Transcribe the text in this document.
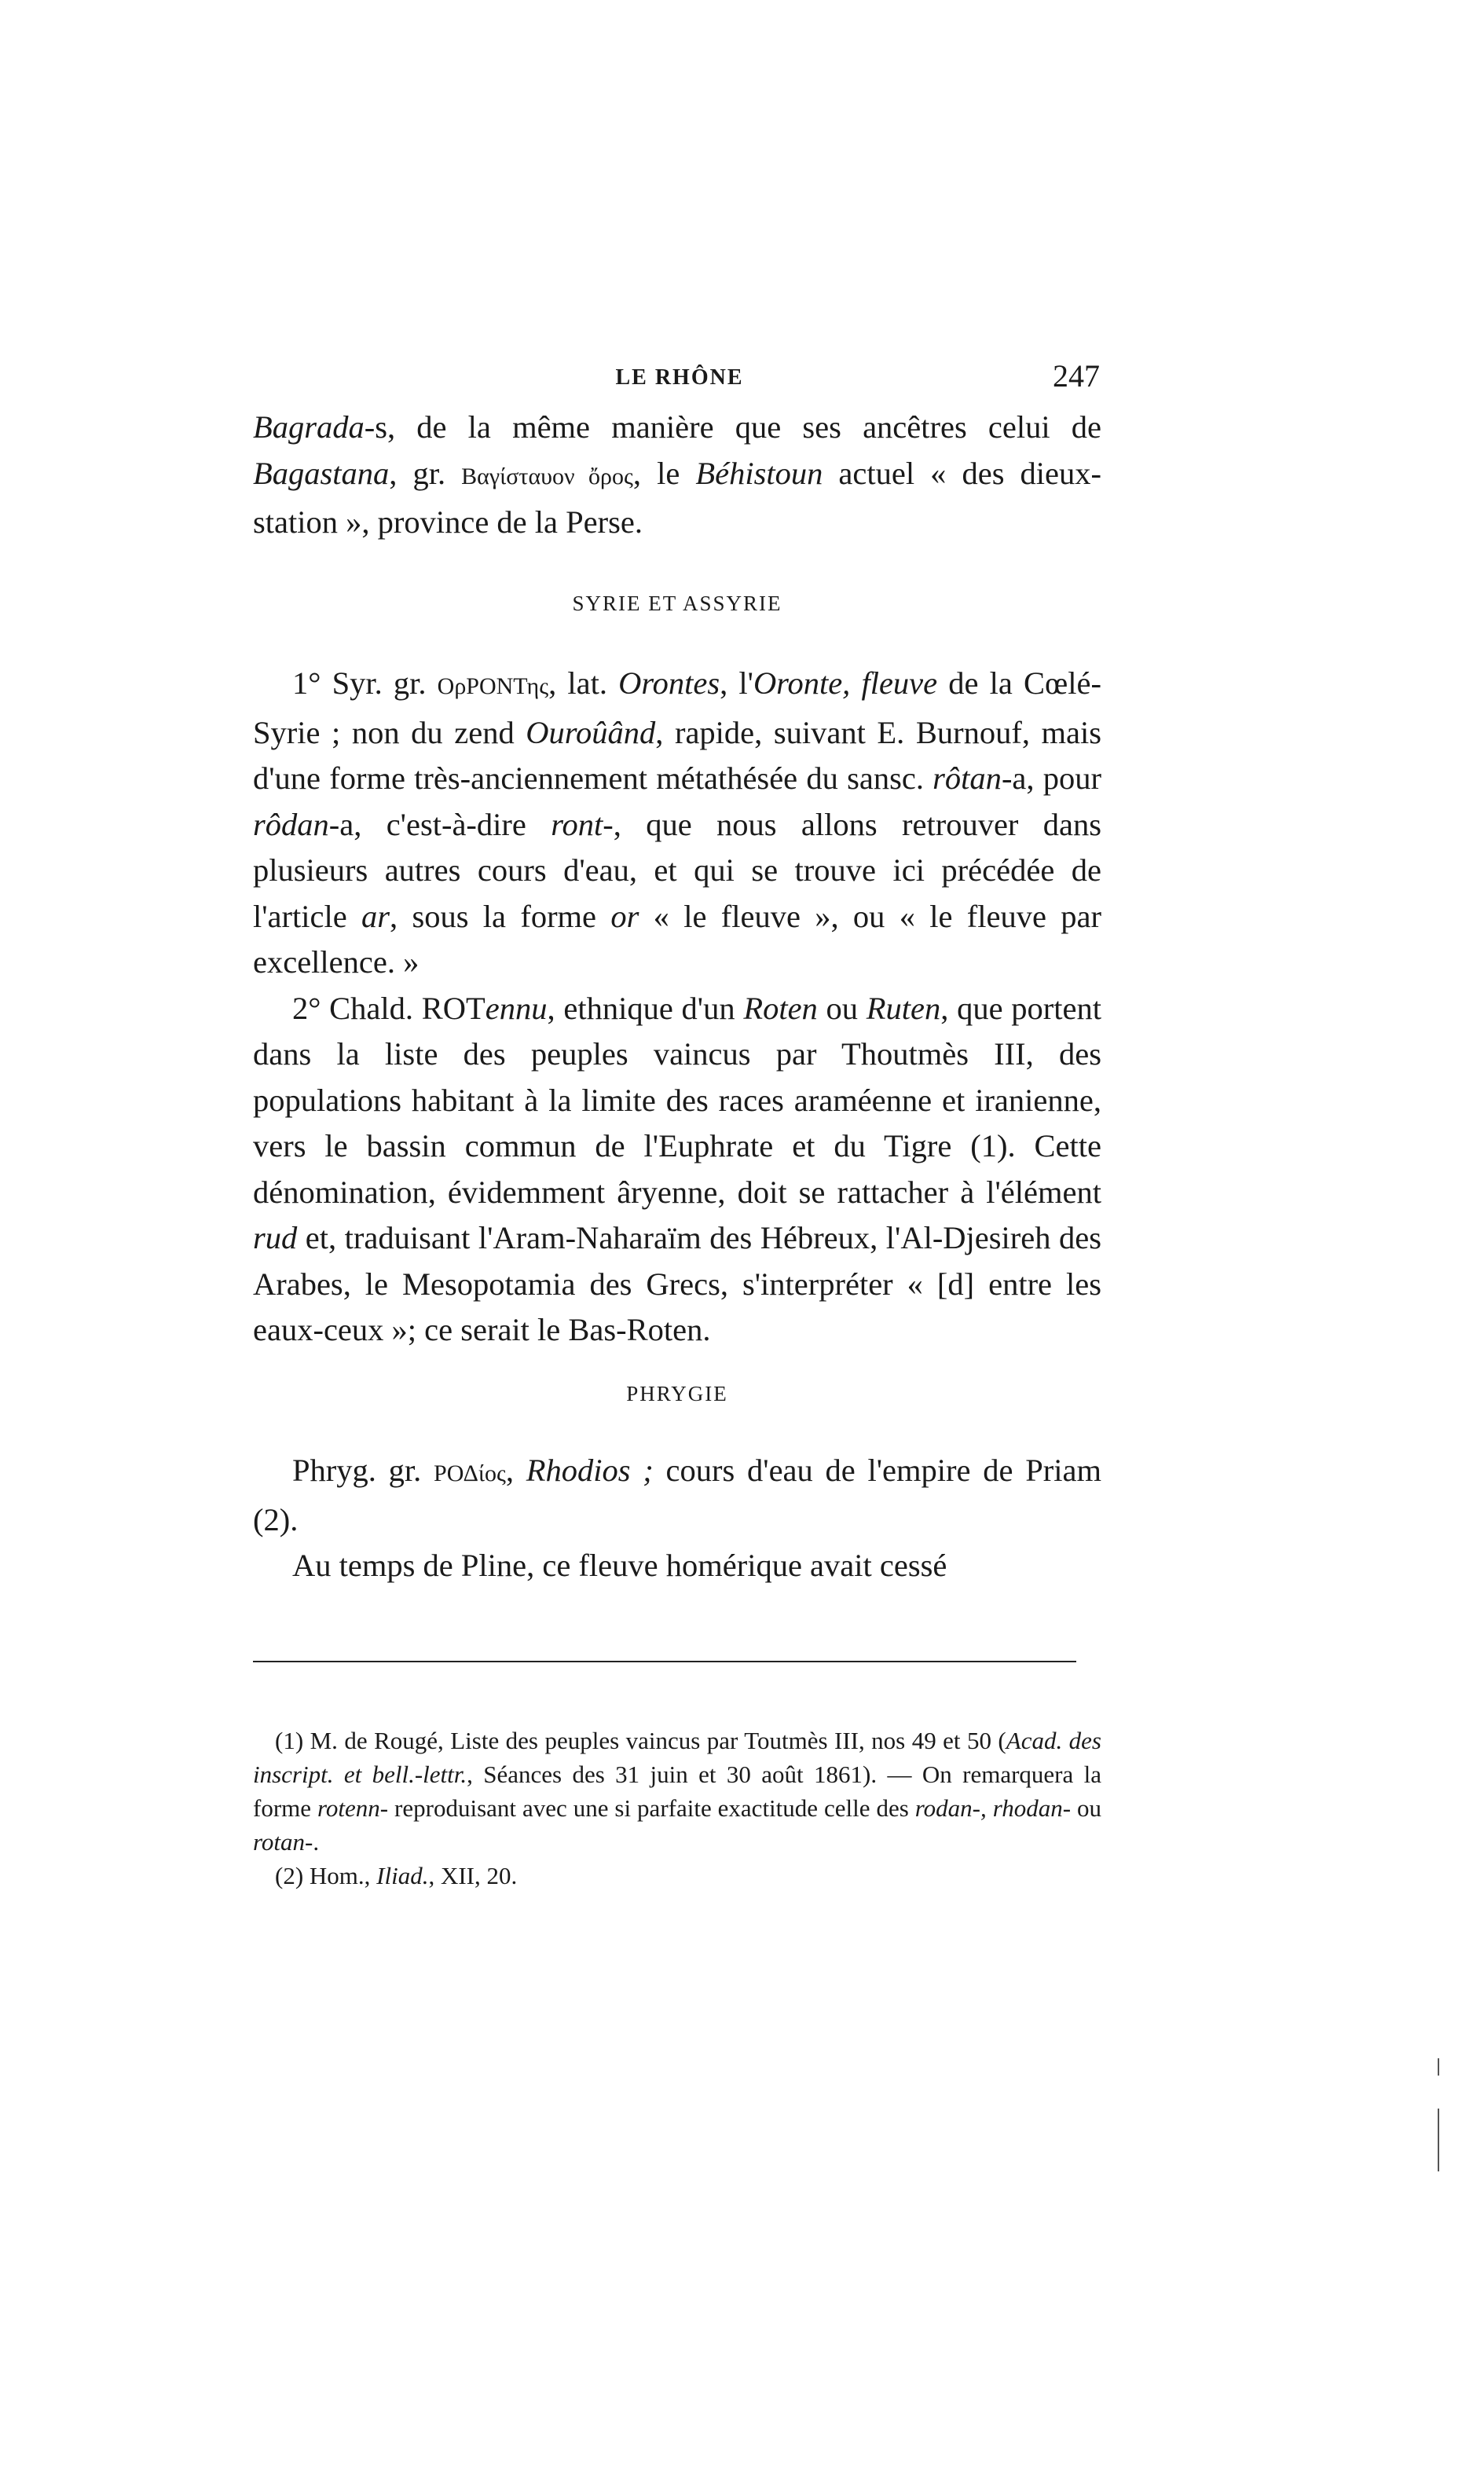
LE RHÔNE	247

Bagrada-s, de la même manière que ses ancêtres celui de Bagastana, gr. Βαγίσταυον ὄρος, le Béhistoun actuel « des dieux-station », province de la Perse.

SYRIE ET ASSYRIE

1° Syr. gr. ΟρΡΟΝΤης, lat. Orontes, l'Oronte, fleuve de la Cœlé-Syrie ; non du zend Ouroûând, rapide, suivant E. Burnouf, mais d'une forme très-anciennement métathésée du sansc. rôtan-a, pour rôdan-a, c'est-à-dire ront-, que nous allons retrouver dans plusieurs autres cours d'eau, et qui se trouve ici précédée de l'article ar, sous la forme or « le fleuve », ou « le fleuve par excellence. »

2° Chald. ROTennu, ethnique d'un Roten ou Ruten, que portent dans la liste des peuples vaincus par Thoutmès III, des populations habitant à la limite des races araméenne et iranienne, vers le bassin commun de l'Euphrate et du Tigre (1). Cette dénomination, évidemment âryenne, doit se rattacher à l'élément rud et, traduisant l'Aram-Naharaïm des Hébreux, l'Al-Djesireh des Arabes, le Mesopotamia des Grecs, s'interpréter « [d] entre les eaux-ceux »; ce serait le Bas-Roten.

PHRYGIE

Phryg. gr. ΡΟΔίος, Rhodios ; cours d'eau de l'empire de Priam (2).

Au temps de Pline, ce fleuve homérique avait cessé

(1) M. de Rougé, Liste des peuples vaincus par Toutmès III, nos 49 et 50 (Acad. des inscript. et bell.-lettr., Séances des 31 juin et 30 août 1861). — On remarquera la forme rotenn- reproduisant avec une si parfaite exactitude celle des rodan-, rhodan- ou rotan-.

(2) Hom., Iliad., XII, 20.
